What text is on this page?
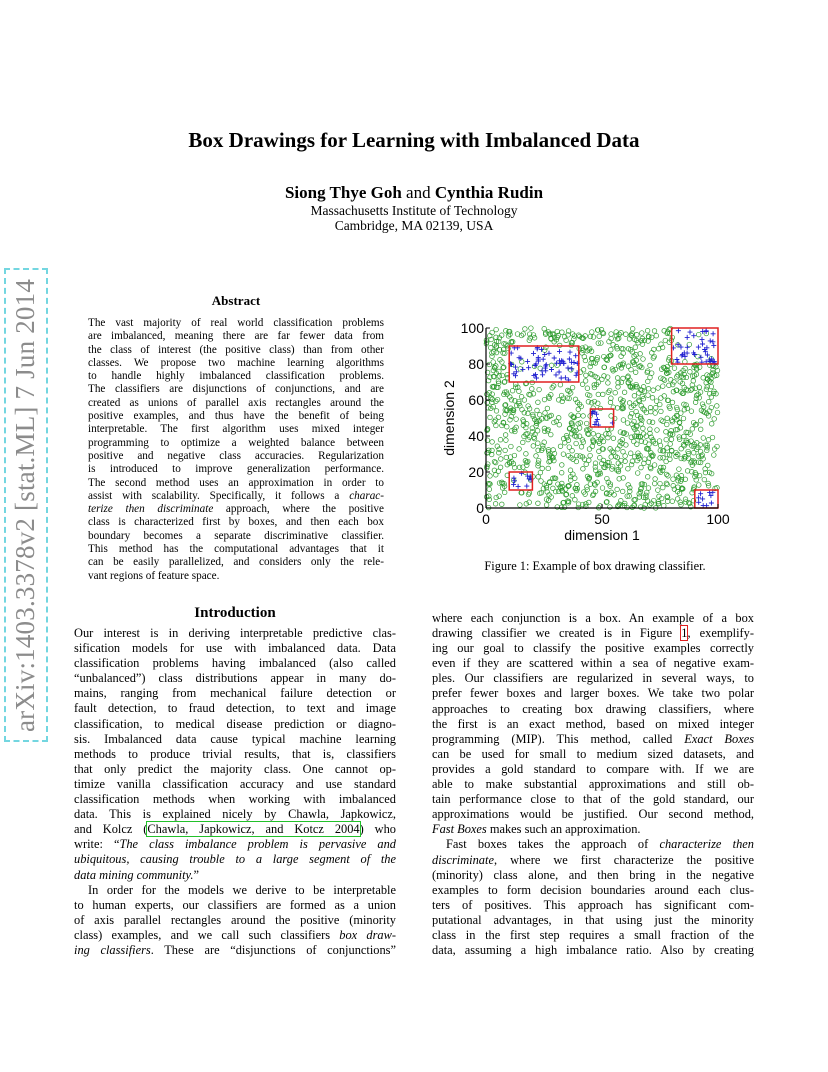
arXiv:1403.3378v2 [stat.ML] 7 Jun 2014
Box Drawings for Learning with Imbalanced Data
Siong Thye Goh and Cynthia Rudin
Massachusetts Institute of Technology
Cambridge, MA 02139, USA
Abstract
The vast majority of real world classification problems
are imbalanced, meaning there are far fewer data from
the class of interest (the positive class) than from other
classes. We propose two machine learning algorithms
to handle highly imbalanced classification problems.
The classifiers are disjunctions of conjunctions, and are
created as unions of parallel axis rectangles around the
positive examples, and thus have the benefit of being
interpretable. The first algorithm uses mixed integer
programming to optimize a weighted balance between
positive and negative class accuracies. Regularization
is introduced to improve generalization performance.
The second method uses an approximation in order to
assist with scalability. Specifically, it follows a charac-
terize then discriminate approach, where the positive
class is characterized first by boxes, and then each box
boundary becomes a separate discriminative classifier.
This method has the computational advantages that it
can be easily parallelized, and considers only the rele-
vant regions of feature space.
0
20
40
60
80
100
0	50	100
dimension 1
dimension 2
Figure 1: Example of box drawing classifier.
Introduction
Our interest is in deriving interpretable predictive clas-
sification models for use with imbalanced data. Data
classification problems having imbalanced (also called
“unbalanced”) class distributions appear in many do-
mains, ranging from mechanical failure detection or
fault detection, to fraud detection, to text and image
classification, to medical disease prediction or diagno-
sis. Imbalanced data cause typical machine learning
methods to produce trivial results, that is, classifiers
that only predict the majority class. One cannot op-
timize vanilla classification accuracy and use standard
classification methods when working with imbalanced
data. This is explained nicely by Chawla, Japkowicz,
and Kolcz (Chawla, Japkowicz, and Kotcz 2004) who
write: “The class imbalance problem is pervasive and
ubiquitous, causing trouble to a large segment of the
data mining community.”
In order for the models we derive to be interpretable
to human experts, our classifiers are formed as a union
of axis parallel rectangles around the positive (minority
class) examples, and we call such classifiers box draw-
ing classifiers. These are “disjunctions of conjunctions”
where each conjunction is a box. An example of a box
drawing classifier we created is in Figure 1, exemplify-
ing our goal to classify the positive examples correctly
even if they are scattered within a sea of negative exam-
ples. Our classifiers are regularized in several ways, to
prefer fewer boxes and larger boxes. We take two polar
approaches to creating box drawing classifiers, where
the first is an exact method, based on mixed integer
programming (MIP). This method, called Exact Boxes
can be used for small to medium sized datasets, and
provides a gold standard to compare with. If we are
able to make substantial approximations and still ob-
tain performance close to that of the gold standard, our
approximations would be justified. Our second method,
Fast Boxes makes such an approximation.
Fast boxes takes the approach of characterize then
discriminate, where we first characterize the positive
(minority) class alone, and then bring in the negative
examples to form decision boundaries around each clus-
ters of positives. This approach has significant com-
putational advantages, in that using just the minority
class in the first step requires a small fraction of the
data, assuming a high imbalance ratio. Also by creating
